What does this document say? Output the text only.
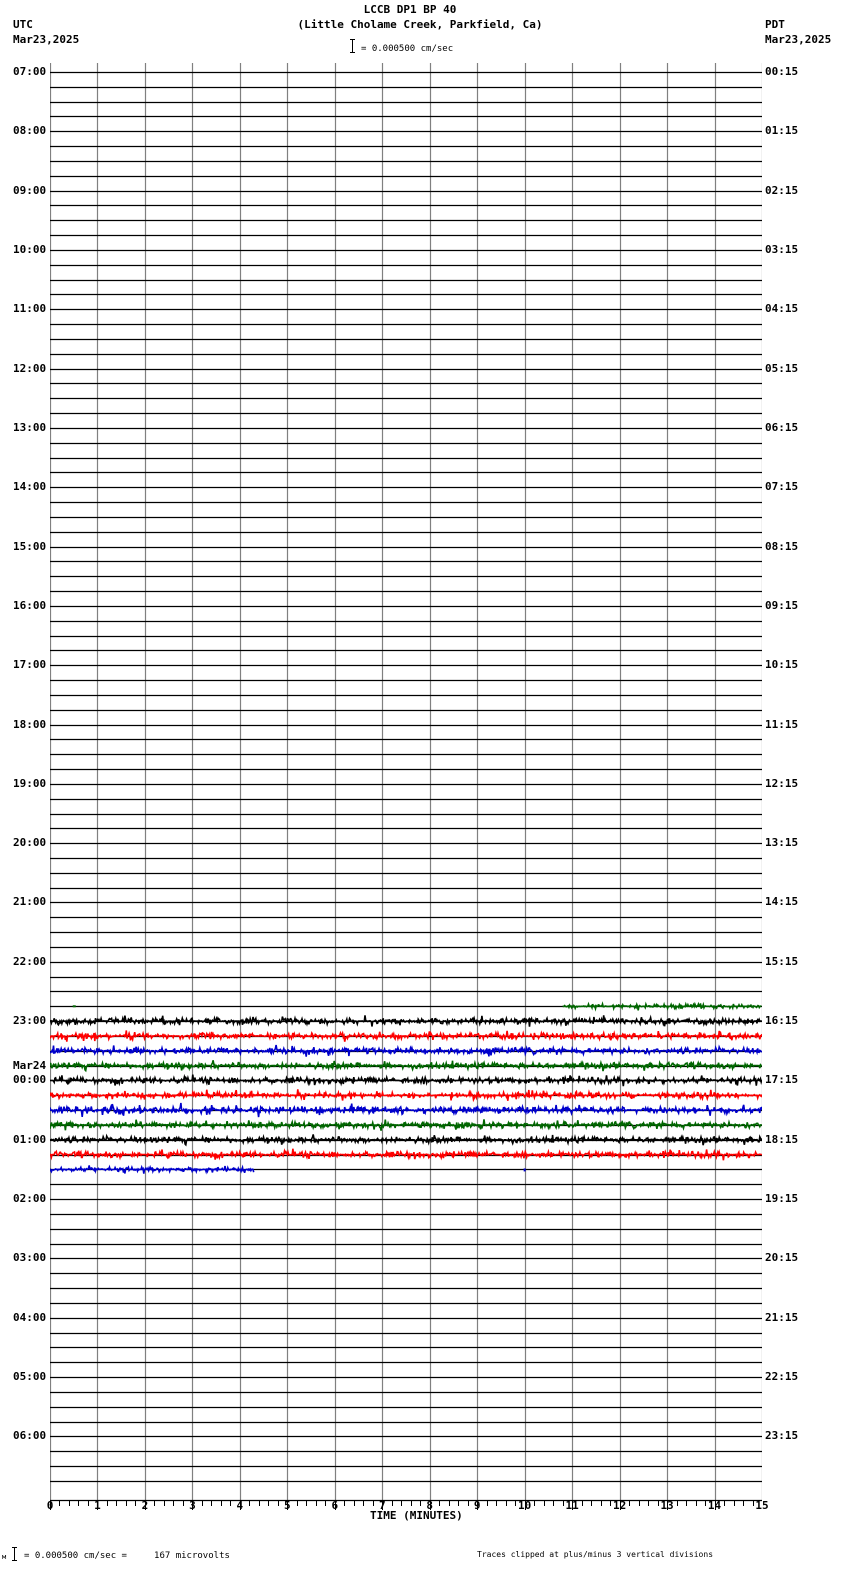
LCCB DP1 BP 40
(Little Cholame Creek, Parkfield, Ca)
UTC
Mar23,2025
PDT
Mar23,2025
= 0.000500 cm/sec
07:00
08:00
09:00
10:00
11:00
12:00
13:00
14:00
15:00
16:00
17:00
18:00
19:00
20:00
21:00
22:00
23:00
00:00
Mar24
01:00
02:00
03:00
04:00
05:00
06:00
00:15
01:15
02:15
03:15
04:15
05:15
06:15
07:15
08:15
09:15
10:15
11:15
12:15
13:15
14:15
15:15
16:15
17:15
18:15
19:15
20:15
21:15
22:15
23:15
0	1	2	3	4	5	6	7	8	9	10	11	12	13	14	15
TIME (MINUTES)
м = 0.000500 cm/sec =     167 microvolts	Traces clipped at plus/minus 3 vertical divisions
